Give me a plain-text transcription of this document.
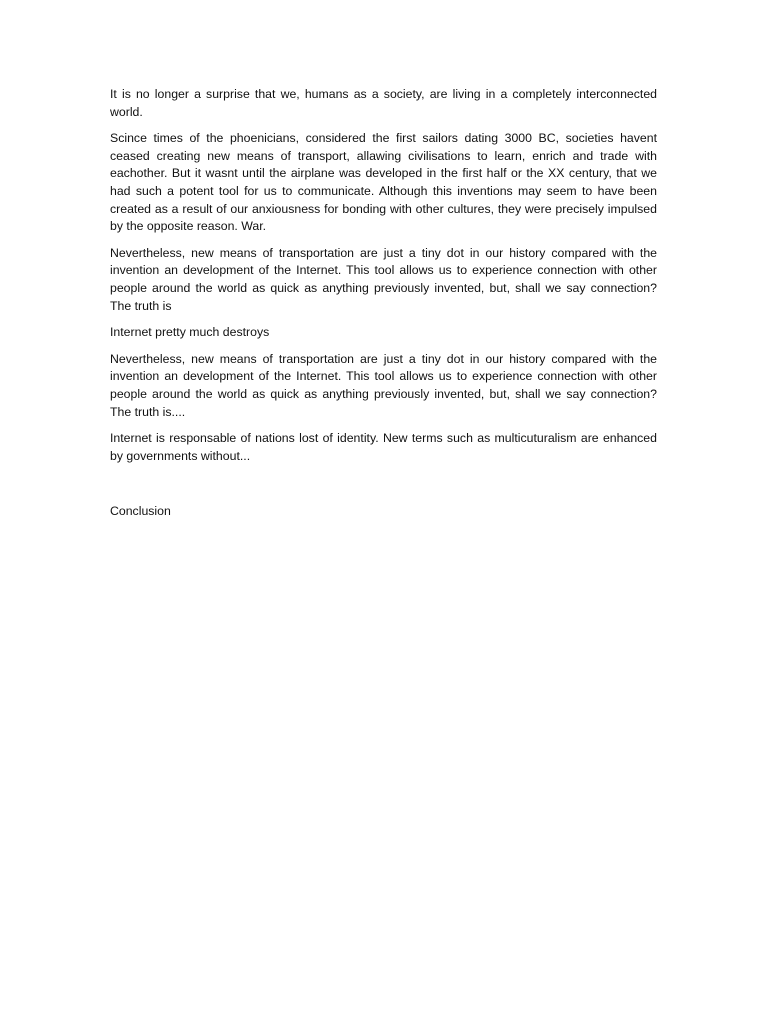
It is no longer a surprise that we, humans as a society, are living in a completely interconnected world.

Scince times of the phoenicians, considered the first sailors dating 3000 BC, societies havent ceased creating new means of transport, allawing civilisations to learn, enrich and trade with eachother. But it wasnt until the airplane was developed in the first half or the XX century, that we had such a potent tool for us to communicate. Although this inventions may seem to have been created as a result of our anxiousness for bonding with other cultures, they were precisely impulsed by the opposite reason. War.

Nevertheless, new means of transportation are just a tiny dot in our history compared with the invention an development of the Internet. This tool allows us to experience connection with other people around the world as quick as anything previously invented, but, shall we say connection? The truth is

Internet pretty much destroys

Nevertheless, new means of transportation are just a tiny dot in our history compared with the invention an development of the Internet. This tool allows us to experience connection with other people around the world as quick as anything previously invented, but, shall we say connection? The truth is....

Internet is responsable of nations lost of identity. New terms such as multicuturalism are enhanced by governments without...

Conclusion
